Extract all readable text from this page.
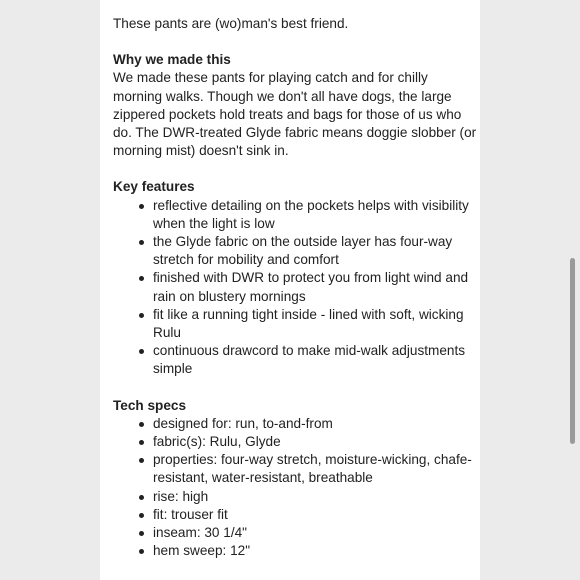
These pants are (wo)man's best friend.

Why we made this

We made these pants for playing catch and for chilly morning walks. Though we don't all have dogs, the large zippered pockets hold treats and bags for those of us who do. The DWR-treated Glyde fabric means doggie slobber (or morning mist) doesn't sink in.

Key features

reflective detailing on the pockets helps with visibility when the light is low
the Glyde fabric on the outside layer has four-way stretch for mobility and comfort
finished with DWR to protect you from light wind and rain on blustery mornings
fit like a running tight inside - lined with soft, wicking Rulu
continuous drawcord to make mid-walk adjustments simple

Tech specs

designed for: run, to-and-from
fabric(s): Rulu, Glyde
properties: four-way stretch, moisture-wicking, chafe-resistant, water-resistant, breathable
rise: high
fit: trouser fit
inseam: 30 1/4"
hem sweep: 12"
